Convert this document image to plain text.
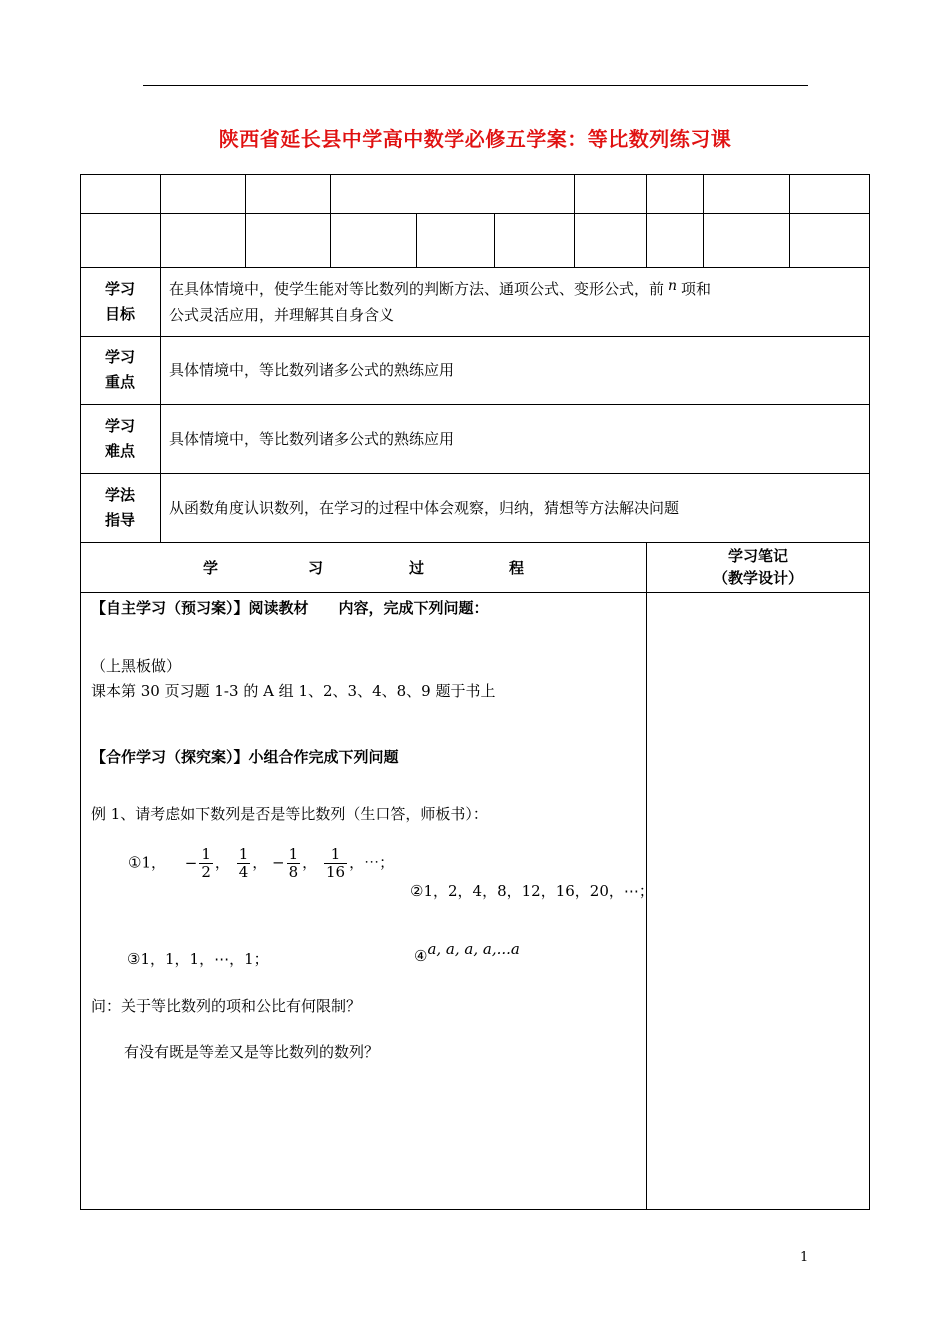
陕西省延长县中学高中数学必修五学案：等比数列练习课
学习
目标
在具体情境中，使学生能对等比数列的判断方法、通项公式、变形公式，前 n 项和
公式灵活应用，并理解其自身含义
学习
重点
具体情境中，等比数列诸多公式的熟练应用
学习
难点
具体情境中，等比数列诸多公式的熟练应用
学法
指导
从函数角度认识数列，在学习的过程中体会观察，归纳，猜想等方法解决问题
学	习	过	程
学习笔记
（教学设计）
【自主学习（预习案）】阅读教材　　内容，完成下列问题：
（上黑板做）
课本第 30 页习题 1-3 的 A 组 1、2、3、4、8、9 题于书上
【合作学习（探究案）】小组合作完成下列问题
例 1、请考虑如下数列是否是等比数列（生口答，师板书）：
①1， − $\frac{1}{2}$ ， $\frac{1}{4}$ ， − $\frac{1}{8}$ ， $\frac{1}{16}$ ，⋯；
②1，2，4，8，12，16，20，⋯；
③1，1，1，⋯，1；	④a, a, a, a,...a
问：关于等比数列的项和公比有何限制？
有没有既是等差又是等比数列的数列？
1
